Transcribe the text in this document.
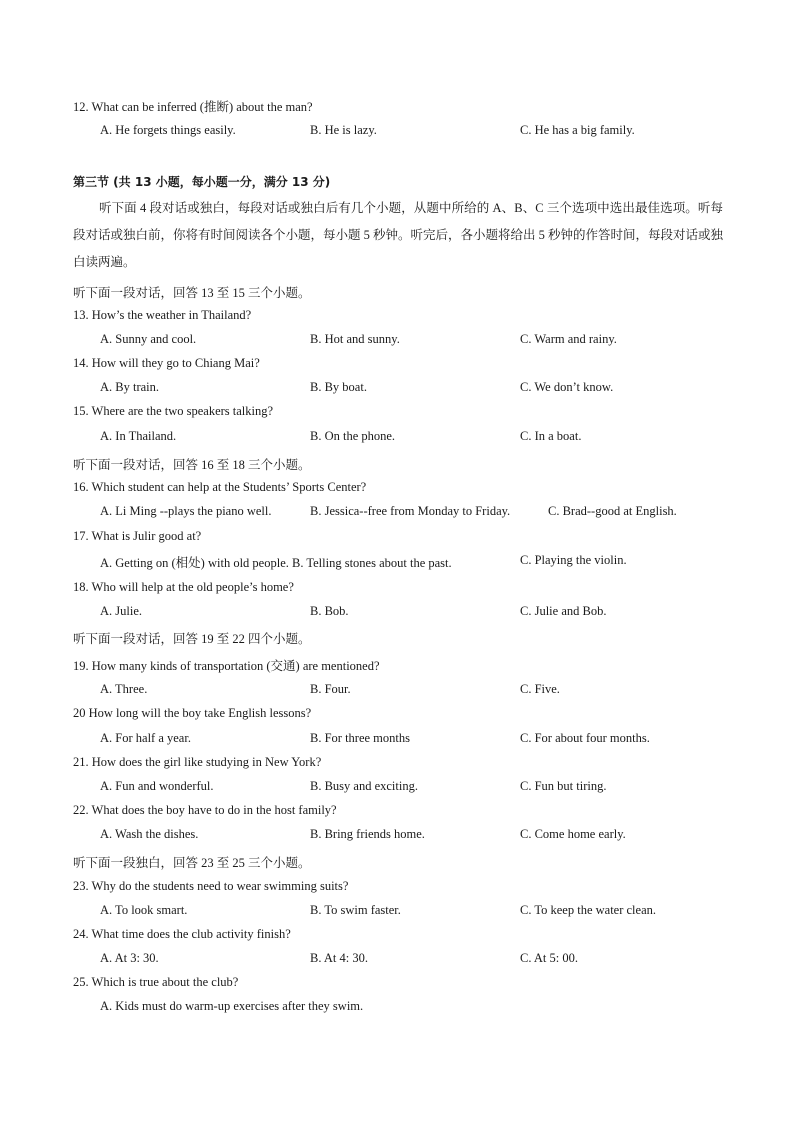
12. What can be inferred (推断) about the man?
A. He forgets things easily.	B. He is lazy.	C. He has a big family.
第三节 (共 13 小题，每小题一分，满分 13 分)
听下面 4 段对话或独白，每段对话或独白后有几个小题，从题中所给的 A、B、C 三个选项中选出最佳选项。听每段对话或独白前，你将有时间阅读各个小题，每小题 5 秒钟。听完后，各小题将给出 5 秒钟的作答时间，每段对话或独白读两遍。
听下面一段对话，回答 13 至 15 三个小题。
13. How’s the weather in Thailand?
A. Sunny and cool.	B. Hot and sunny.	C. Warm and rainy.
14. How will they go to Chiang Mai?
A. By train.	B. By boat.	C. We don’t know.
15. Where are the two speakers talking?
A. In Thailand.	B. On the phone.	C. In a boat.
听下面一段对话，回答 16 至 18 三个小题。
16. Which student can help at the Students’ Sports Center?
A. Li Ming --plays the piano well.	B. Jessica--free from Monday to Friday.	C. Brad--good at English.
17. What is Julir good at?
A. Getting on (相处) with old people. B. Telling stones about the past.	C. Playing the violin.
18. Who will help at the old people’s home?
A. Julie.	B. Bob.	C. Julie and Bob.
听下面一段对话，回答 19 至 22 四个小题。
19. How many kinds of transportation (交通) are mentioned?
A. Three.	B. Four.	C. Five.
20 How long will the boy take English lessons?
A. For half a year.	B. For three months	C. For about four months.
21. How does the girl like studying in New York?
A. Fun and wonderful.	B. Busy and exciting.	C. Fun but tiring.
22. What does the boy have to do in the host family?
A. Wash the dishes.	B. Bring friends home.	C. Come home early.
听下面一段独白，回答 23 至 25 三个小题。
23. Why do the students need to wear swimming suits?
A. To look smart.	B. To swim faster.	C. To keep the water clean.
24. What time does the club activity finish?
A. At 3: 30.	B. At 4: 30.	C. At 5: 00.
25. Which is true about the club?
A. Kids must do warm-up exercises after they swim.
